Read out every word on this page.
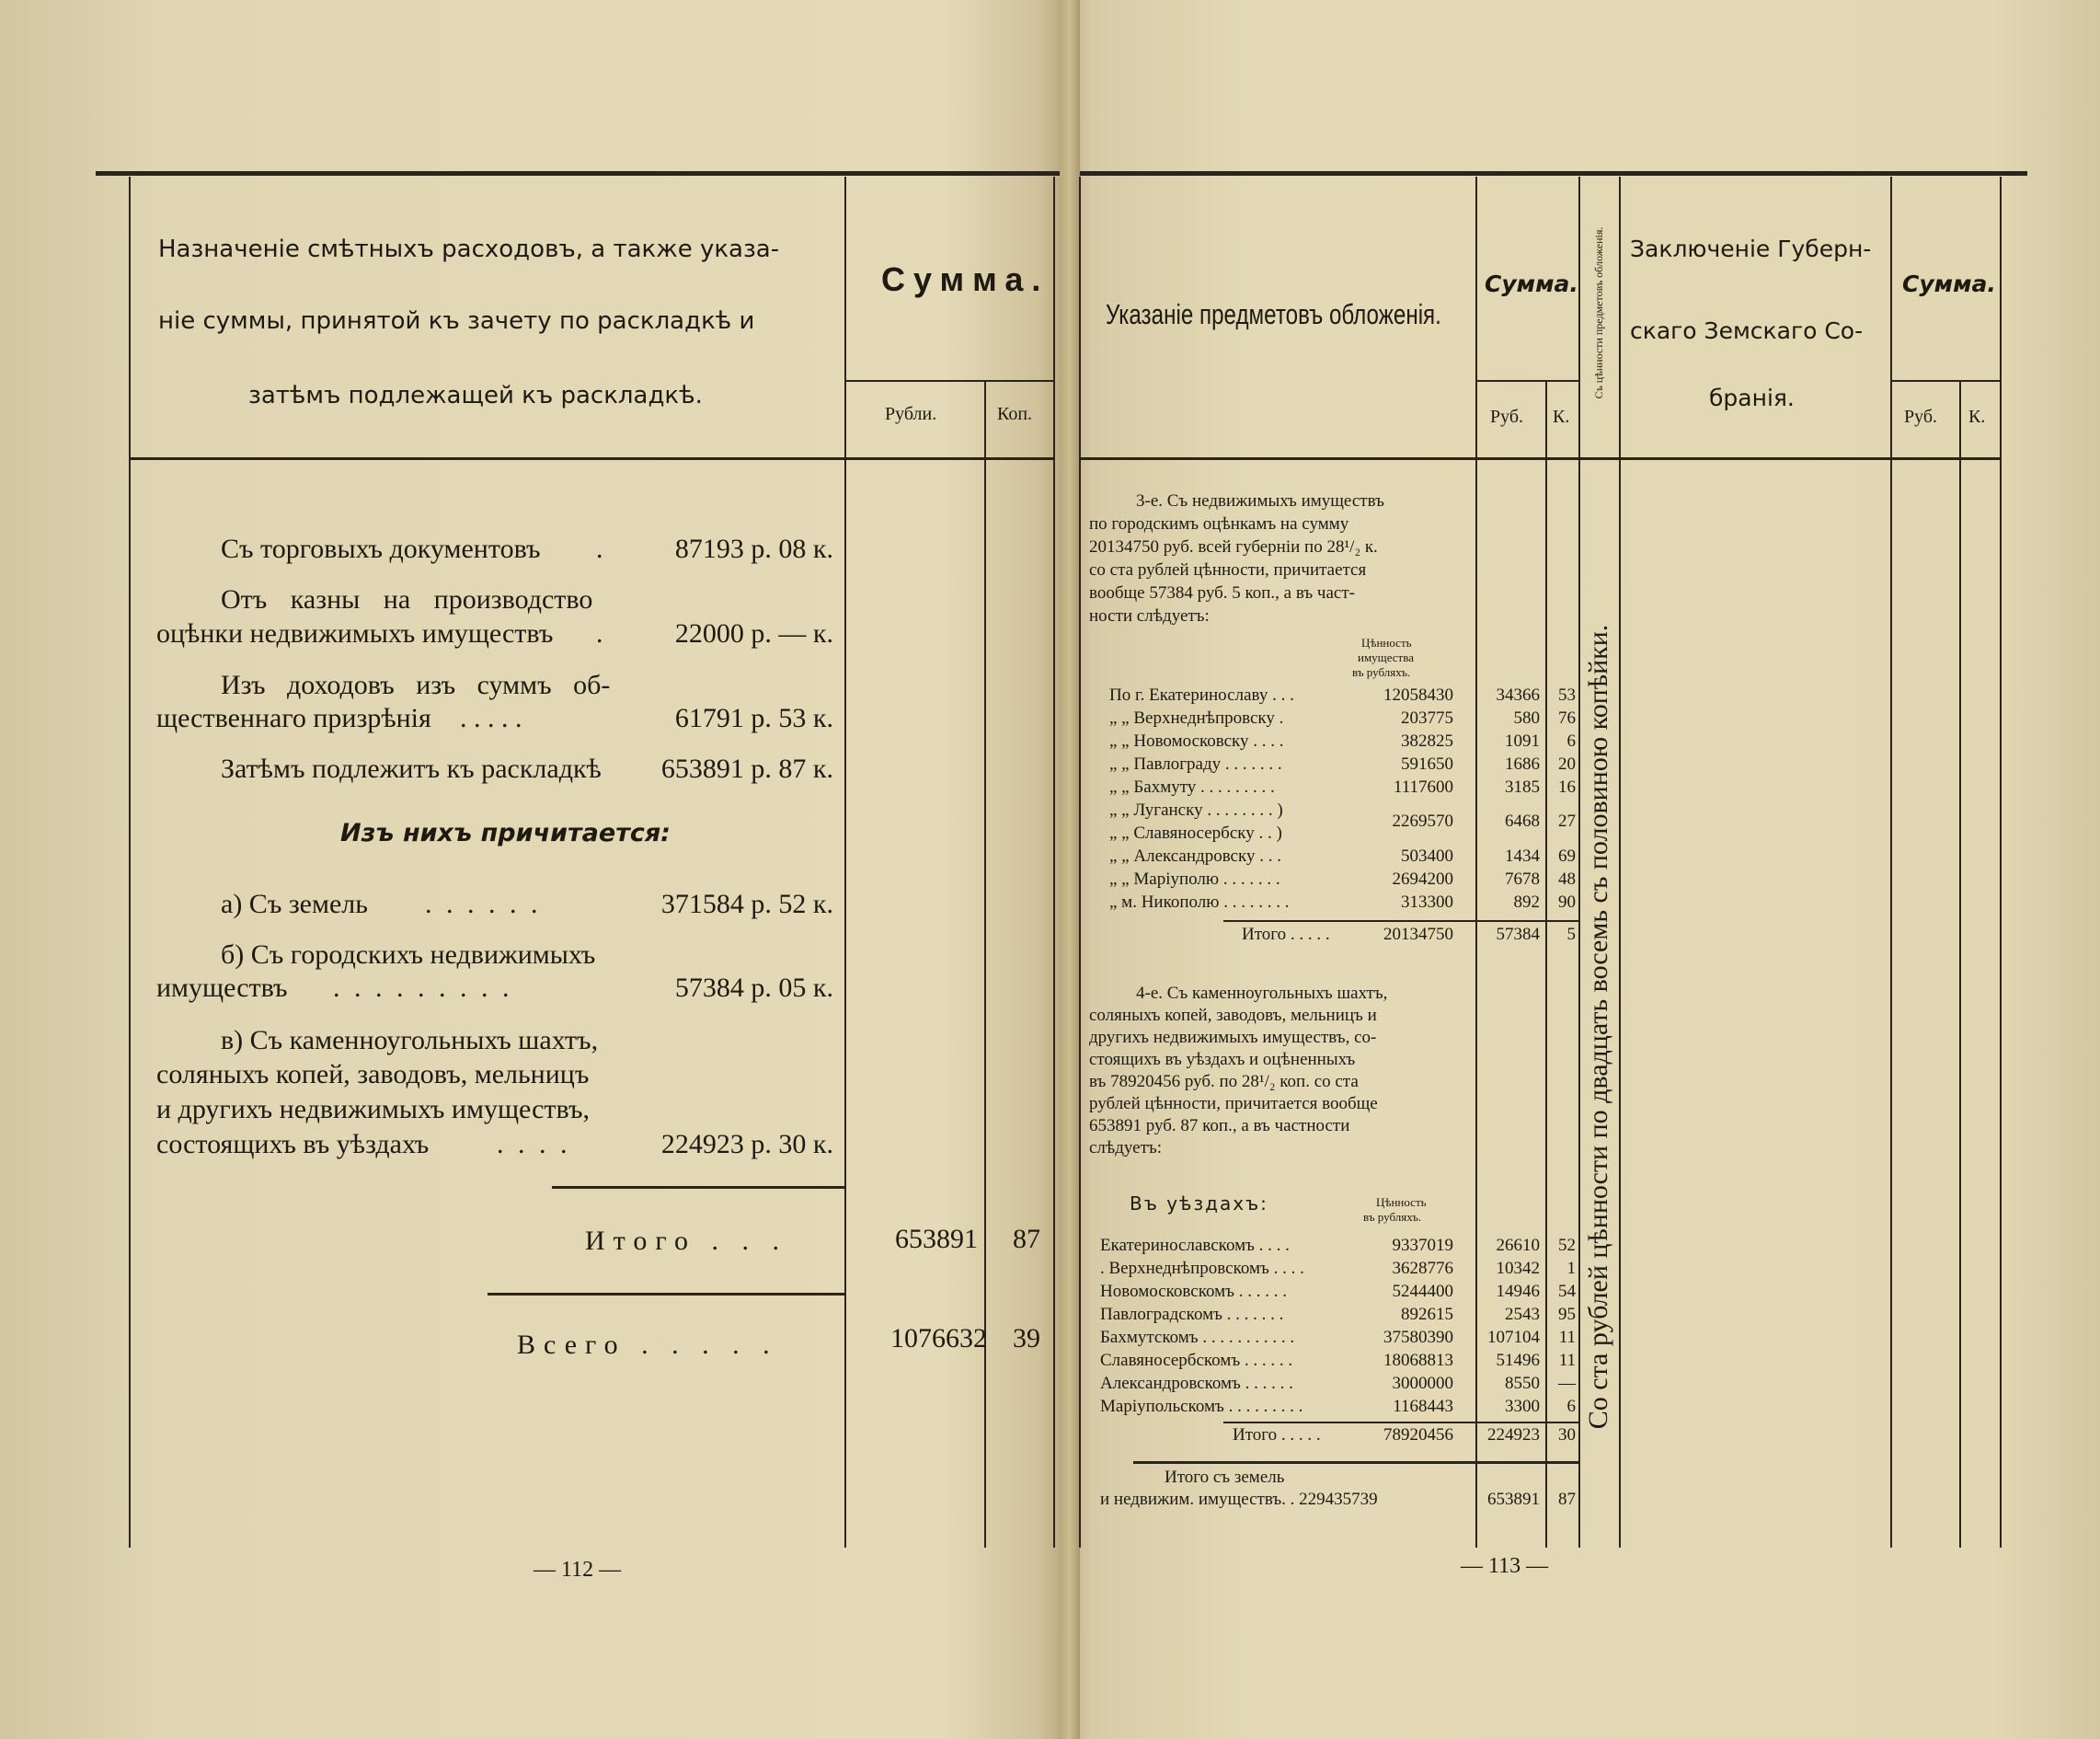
Назначеніе смѣтныхъ расходовъ, а также указа-
ніе суммы, принятой къ зачету по раскладкѣ и
затѣмъ подлежащей къ раскладкѣ.
Сумма.
Рубли.	Коп.
Съ торговыхъ документовъ .	87193 р. 08 к.
Отъ казны на производство
оцѣнки недвижимыхъ имуществъ .	22000 р. — к.
Изъ доходовъ изъ суммъ об-
щественнаго призрѣнія . . . . .	61791 р. 53 к.
Затѣмъ подлежитъ къ раскладкѣ 653891 р. 87 к.
Изъ нихъ причитается:
а) Съ земель . . . . . .	371584 р. 52 к.
б) Съ городскихъ недвижимыхъ
имуществъ . . . . . . . . .	57384 р. 05 к.
в) Съ каменноугольныхъ шахтъ,
соляныхъ копей, заводовъ, мельницъ
и другихъ недвижимыхъ имуществъ,
состоящихъ въ уѣздахъ . . . .	224923 р. 30 к.
Итого . . .	653891 87
Всего . . . . .	1076632 39
— 112 —
Указаніе предметовъ обложенія.
Сумма.
Руб. К.
Съ цѣнности предметовъ обложенія. Заключеніе Губерн-
скаго Земскаго Со-
бранія.
Сумма.
Руб. К.
3-е. Съ недвижимыхъ имуществъ
по городскимъ оцѣнкамъ на сумму
20134750 руб. всей губерніи по 28¹/₂ к.
со ста рублей цѣнности, причитается
вообще 57384 руб. 5 коп., а въ част-
ности слѣдуетъ:
Цѣнность
имущества
въ рубляхъ.
По г. Екатеринославу . . .	12058430 34366 53
„ „ Верхнеднѣпровску .	203775	580 76
„ „ Новомосковску . . . .	382825	1091 6
„ „ Павлограду . . . . . . .	591650	1686 20
„ „ Бахмуту . . . . . . . . .	1117600	3185 16
„ „ Луганску . . . . . . . . )
2269570	6468 27
„ „ Славяносербску . . )
„ „ Александровску . . .	503400	1434 69
„ „ Маріуполю . . . . . . .	2694200	7678 48
„ м. Никополю . . . . . . . .	313300	892 90
Итого . . . . .	20134750 57384 5
4-е. Съ каменноугольныхъ шахтъ,
соляныхъ копей, заводовъ, мельницъ и
другихъ недвижимыхъ имуществъ, со-
стоящихъ въ уѣздахъ и оцѣненныхъ
въ 78920456 руб. по 28¹/₂ коп. со ста
рублей цѣнности, причитается вообще
653891 руб. 87 коп., а въ частности
слѣдуетъ:
Въ уѣздахъ:	Цѣнность
въ рубляхъ.
Екатеринославскомъ . . . .	9337019 26610 52
. Верхнеднѣпровскомъ . . . .	3628776 10342 1
Новомосковскомъ . . . . . .	5244400 14946 54
Павлоградскомъ . . . . . . .	892615	2543 95
Бахмутскомъ . . . . . . . . . . .	37580390 107104 11
Славяносербскомъ . . . . . .	18068813 51496 11
Александровскомъ . . . . . .	3000000	8550 —
Маріупольскомъ . . . . . . . . .	1168443	3300 6
Итого . . . . .	78920456 224923 30
Итого съ земель
и недвижим. имуществъ. . 229435739	653891 87
Со ста рублей цѣнности по двадцать восемь съ половиною копѣйки.
— 113 —
